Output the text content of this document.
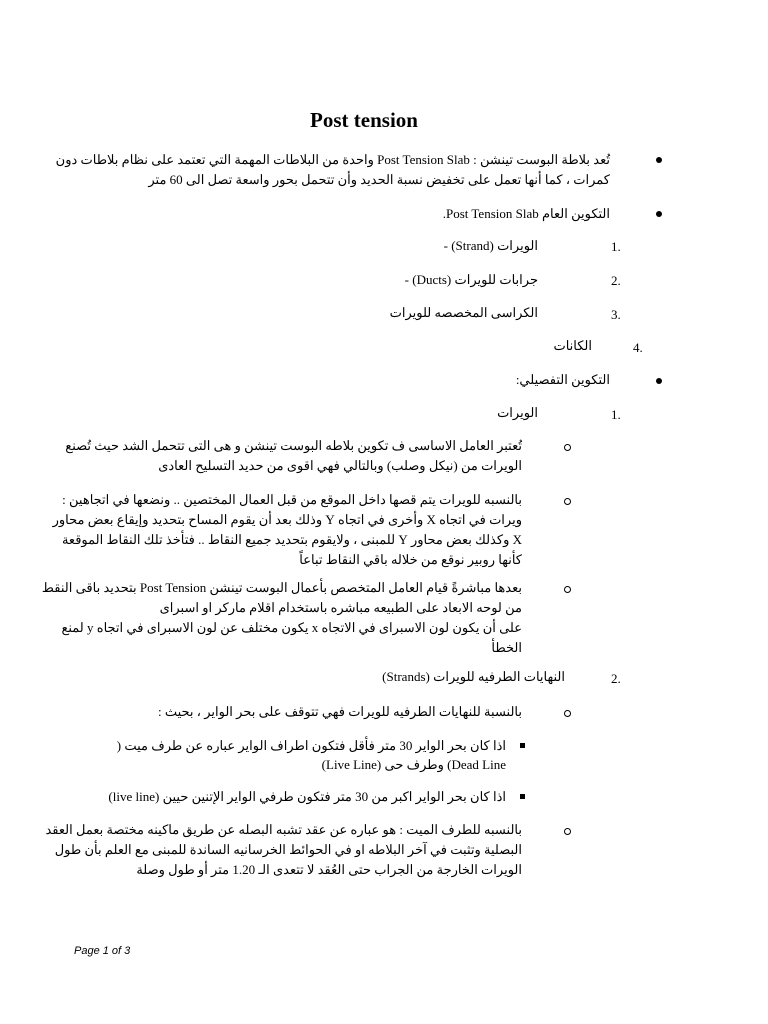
Post tension
تُعد بلاطة البوست تينشن : Post Tension Slab واحدة من البلاطات المهمة التي تعتمد على نظام بلاطات دون
كمرات ، كما أنها تعمل على تخفيض نسبة الحديد وأن تتحمل بحور واسعة تصل الى 60 متر
التكوين العام Post Tension Slab.
1.
الويرات (Strand) -
2.
جرابات للويرات (Ducts) -
3.
الكراسى المخصصه للويرات
4.
الكانات
التكوين التفصيلي:
1.
الويرات
تُعتبر العامل الاساسى ف تكوين بلاطه البوست تينشن و هى التى تتحمل الشد حيث تُصنع
الويرات من (نيكل وصلب) وبالتالي فهي اقوى من حديد التسليح العادى
بالنسبه للويرات يتم قصها داخل الموقع من قبل العمال المختصين .. ونضعها في اتجاهين :
ويرات في اتجاه X وأخرى في اتجاه Y وذلك بعد أن يقوم المساح بتحديد وإيقاع بعض محاور
X وكذلك بعض محاور Y للمبنى ، ولايقوم بتحديد جميع النقاط .. فتأخذ تلك النقاط الموقعة
كأنها روبير نوقع من خلاله باقي النقاط تباعاً
بعدها مباشرةً قيام العامل المتخصص بأعمال البوست تينشن Post Tension بتحديد باقى النقط
من لوحه الابعاد على الطبيعه مباشره باستخدام اقلام ماركر او اسبراى
على أن يكون لون الاسبراى في الاتجاه x يكون مختلف عن لون الاسبراى في اتجاه y لمنع
الخطأ
2.
النهايات الطرفيه للويرات (Strands)
بالنسبة للنهايات الطرفيه للويرات فهي تتوقف على بحر الواير ، بحيث :
اذا كان بحر الواير 30 متر فأقل فتكون اطراف الواير عباره عن طرف ميت (
Dead Line) وطرف حى (Live Line)
اذا كان بحر الواير اكبر من 30 متر فتكون طرفي الواير الإتنين حيين (live line)
بالنسبه للطرف الميت : هو عباره عن عقد تشبه البصله عن طريق ماكينه مختصة بعمل العقد
البصلية وتثبت في آخر البلاطه او في الحوائط الخرسانيه الساندة للمبنى مع العلم بأن طول
الويرات الخارجة من الجراب حتى العُقد لا تتعدى الـ 1.20 متر أو طول وصلة
Page 1 of 3
